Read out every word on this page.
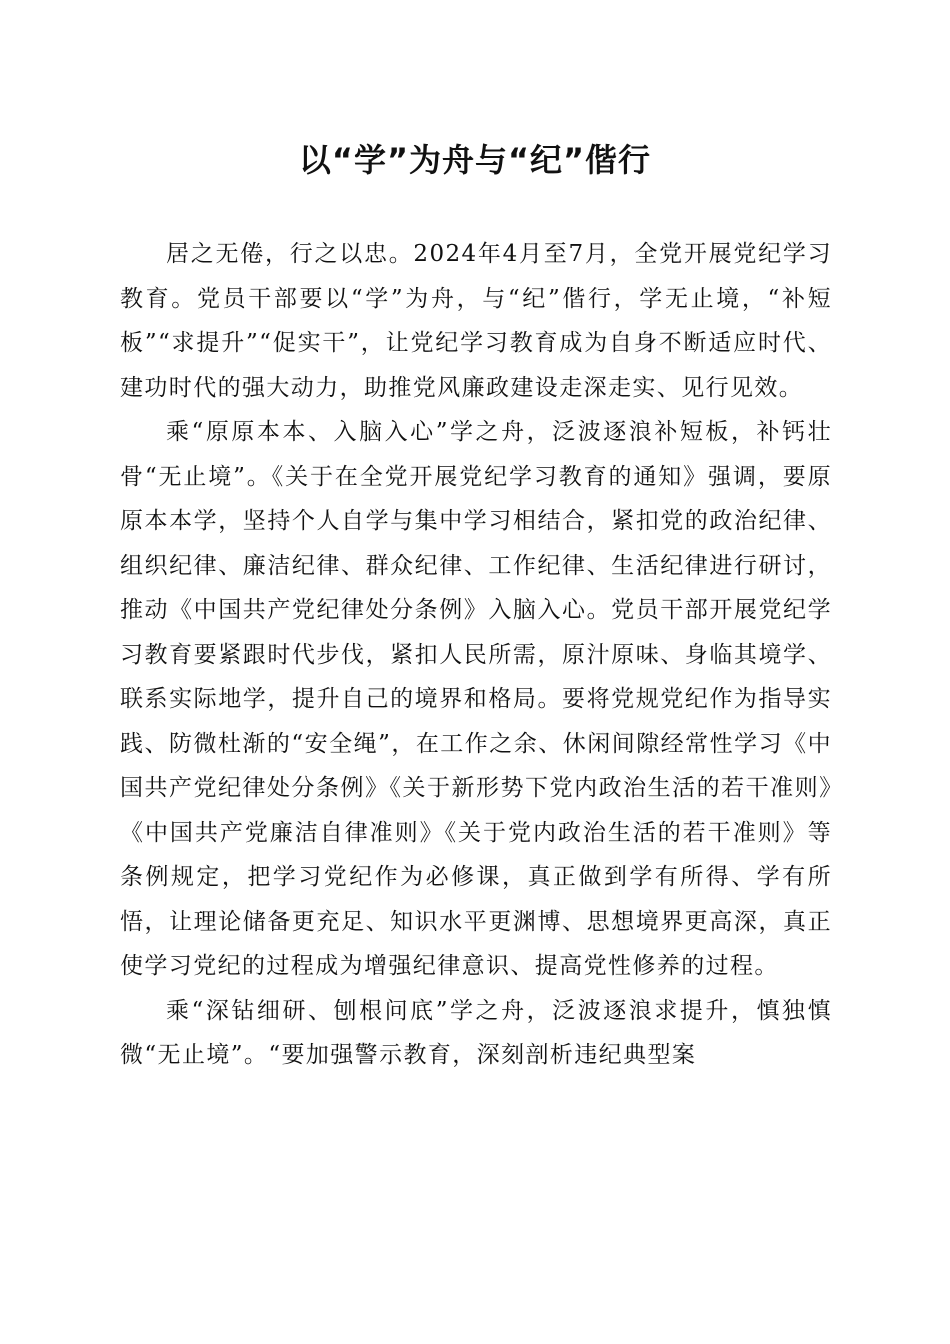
以“学”为舟与“纪”偕行

居之无倦，行之以忠。2024年4月至7月，全党开展党纪学习教育。党员干部要以“学”为舟，与“纪”偕行，学无止境，“补短板”“求提升”“促实干”，让党纪学习教育成为自身不断适应时代、建功时代的强大动力，助推党风廉政建设走深走实、见行见效。

乘“原原本本、入脑入心”学之舟，泛波逐浪补短板，补钙壮骨“无止境”。《关于在全党开展党纪学习教育的通知》强调，要原原本本学，坚持个人自学与集中学习相结合，紧扣党的政治纪律、组织纪律、廉洁纪律、群众纪律、工作纪律、生活纪律进行研讨，推动《中国共产党纪律处分条例》入脑入心。党员干部开展党纪学习教育要紧跟时代步伐，紧扣人民所需，原汁原味、身临其境学、联系实际地学，提升自己的境界和格局。要将党规党纪作为指导实践、防微杜渐的“安全绳”，在工作之余、休闲间隙经常性学习《中国共产党纪律处分条例》《关于新形势下党内政治生活的若干准则》《中国共产党廉洁自律准则》《关于党内政治生活的若干准则》等条例规定，把学习党纪作为必修课，真正做到学有所得、学有所悟，让理论储备更充足、知识水平更渊博、思想境界更高深，真正使学习党纪的过程成为增强纪律意识、提高党性修养的过程。

乘“深钻细研、刨根问底”学之舟，泛波逐浪求提升，慎独慎微“无止境”。“要加强警示教育，深刻剖析违纪典型案
